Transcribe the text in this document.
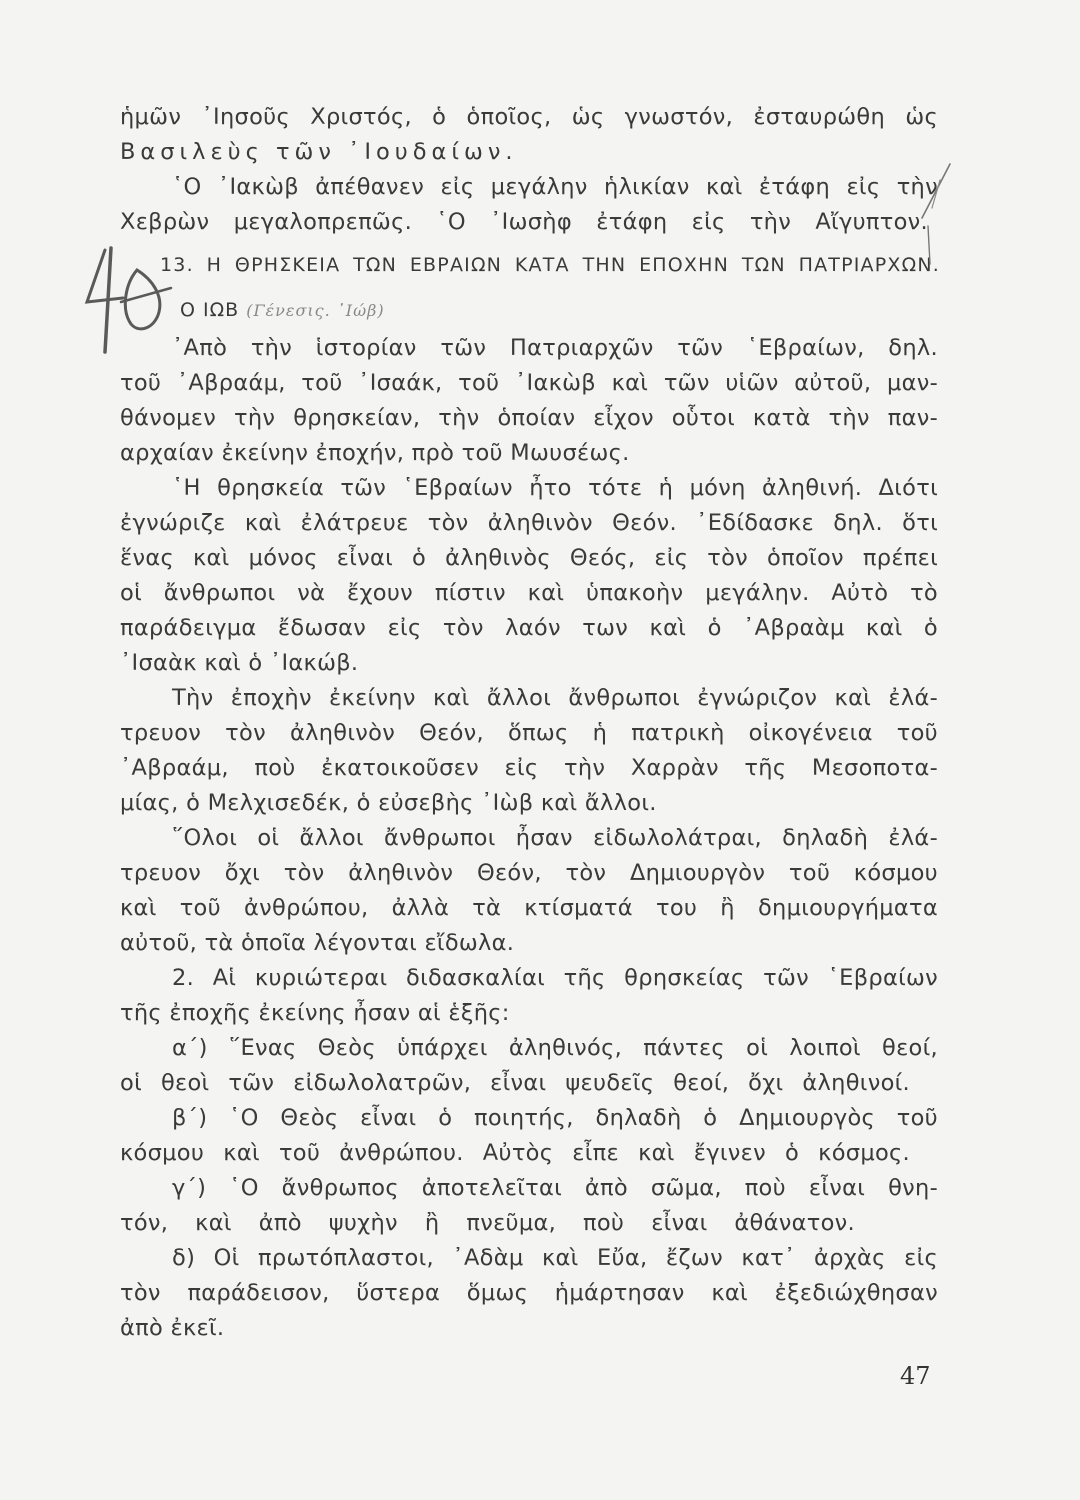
ἡμῶν ᾿Ιησοῦς Χριστός, ὁ ὁποῖος, ὡς γνωστόν, ἐσταυρώθη ὡς
Βασιλεὺς τῶν ᾿Ιουδαίων.
῾Ο ᾿Ιακὼβ ἀπέθανεν εἰς μεγάλην ἡλικίαν καὶ ἐτάφη εἰς τὴν
Χεβρὼν μεγαλοπρεπῶς. ῾Ο ᾿Ιωσὴφ ἐτάφη εἰς τὴν Αἴγυπτον.
13. Η ΘΡΗΣΚΕΙΑ ΤΩΝ ΕΒΡΑΙΩΝ ΚΑΤΑ ΤΗΝ ΕΠΟΧΗΝ ΤΩΝ ΠΑΤΡΙΑΡΧΩΝ.
Ο ΙΩΒ (Γένεσις. ᾿Ιώβ)
᾿Απὸ τὴν ἱστορίαν τῶν Πατριαρχῶν τῶν ῾Εβραίων, δηλ.
τοῦ ᾿Αβραάμ, τοῦ ᾿Ισαάκ, τοῦ ᾿Ιακὼβ καὶ τῶν υἱῶν αὐτοῦ, μαν-
θάνομεν τὴν θρησκείαν, τὴν ὁποίαν εἶχον οὗτοι κατὰ τὴν παν-
αρχαίαν ἐκείνην ἐποχήν, πρὸ τοῦ Μωυσέως.
῾Η θρησκεία τῶν ῾Εβραίων ἦτο τότε ἡ μόνη ἀληθινή. Διότι
ἐγνώριζε καὶ ἐλάτρευε τὸν ἀληθινὸν Θεόν. ᾿Εδίδασκε δηλ. ὅτι
ἕνας καὶ μόνος εἶναι ὁ ἀληθινὸς Θεός, εἰς τὸν ὁποῖον πρέπει
οἱ ἄνθρωποι νὰ ἔχουν πίστιν καὶ ὑπακοὴν μεγάλην. Αὐτὸ τὸ
παράδειγμα ἔδωσαν εἰς τὸν λαόν των καὶ ὁ ᾿Αβραὰμ καὶ ὁ
᾿Ισαὰκ καὶ ὁ ᾿Ιακώβ.
Τὴν ἐποχὴν ἐκείνην καὶ ἄλλοι ἄνθρωποι ἐγνώριζον καὶ ἐλά-
τρευον τὸν ἀληθινὸν Θεόν, ὅπως ἡ πατρικὴ οἰκογένεια τοῦ
᾿Αβραάμ, ποὺ ἐκατοικοῦσεν εἰς τὴν Χαρρὰν τῆς Μεσοποτα-
μίας, ὁ Μελχισεδέκ, ὁ εὐσεβὴς ᾿Ιὼβ καὶ ἄλλοι.
῞Ολοι οἱ ἄλλοι ἄνθρωποι ἦσαν εἰδωλολάτραι, δηλαδὴ ἐλά-
τρευον ὄχι τὸν ἀληθινὸν Θεόν, τὸν Δημιουργὸν τοῦ κόσμου
καὶ τοῦ ἀνθρώπου, ἀλλὰ τὰ κτίσματά του ἢ δημιουργήματα
αὐτοῦ, τὰ ὁποῖα λέγονται εἴδωλα.
2. Αἱ κυριώτεραι διδασκαλίαι τῆς θρησκείας τῶν ῾Εβραίων
τῆς ἐποχῆς ἐκείνης ἦσαν αἱ ἑξῆς:
α΄) ῞Ενας Θεὸς ὑπάρχει ἀληθινός, πάντες οἱ λοιποὶ θεοί,
οἱ θεοὶ τῶν εἰδωλολατρῶν, εἶναι ψευδεῖς θεοί, ὄχι ἀληθινοί.
β΄) ῾Ο Θεὸς εἶναι ὁ ποιητής, δηλαδὴ ὁ Δημιουργὸς τοῦ
κόσμου καὶ τοῦ ἀνθρώπου. Αὐτὸς εἶπε καὶ ἔγινεν ὁ κόσμος.
γ΄) ῾Ο ἄνθρωπος ἀποτελεῖται ἀπὸ σῶμα, ποὺ εἶναι θνη-
τόν, καὶ ἀπὸ ψυχὴν ἢ πνεῦμα, ποὺ εἶναι ἀθάνατον.
δ) Οἱ πρωτόπλαστοι, ᾿Αδὰμ καὶ Εὔα, ἔζων κατ᾿ ἀρχὰς εἰς
τὸν παράδεισον, ὕστερα ὅμως ἡμάρτησαν καὶ ἐξεδιώχθησαν
ἀπὸ ἐκεῖ.
47
